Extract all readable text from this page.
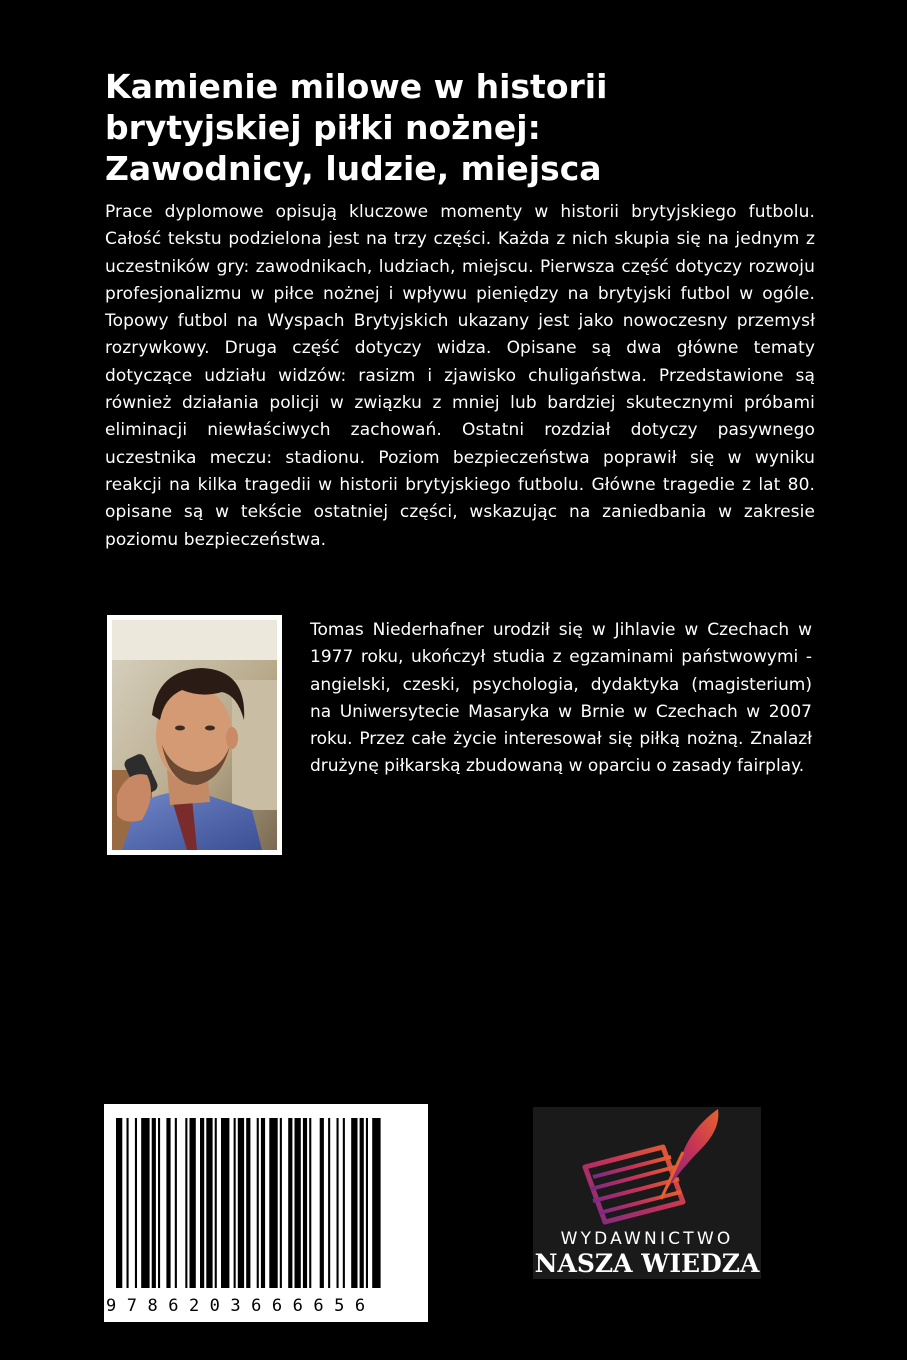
Kamienie milowe w historii
brytyjskiej piłki nożnej:
Zawodnicy, ludzie, miejsca

Prace dyplomowe opisują kluczowe momenty w historii brytyjskiego futbolu. Całość tekstu podzielona jest na trzy części. Każda z nich skupia się na jednym z uczestników gry: zawodnikach, ludziach, miejscu. Pierwsza część dotyczy rozwoju profesjonalizmu w piłce nożnej i wpływu pieniędzy na brytyjski futbol w ogóle. Topowy futbol na Wyspach Brytyjskich ukazany jest jako nowoczesny przemysł rozrywkowy. Druga część dotyczy widza. Opisane są dwa główne tematy dotyczące udziału widzów: rasizm i zjawisko chuligaństwa. Przedstawione są również działania policji w związku z mniej lub bardziej skutecznymi próbami eliminacji niewłaściwych zachowań. Ostatni rozdział dotyczy pasywnego uczestnika meczu: stadionu. Poziom bezpieczeństwa poprawił się w wyniku reakcji na kilka tragedii w historii brytyjskiego futbolu. Główne tragedie z lat 80. opisane są w tekście ostatniej części, wskazując na zaniedbania w zakresie poziomu bezpieczeństwa.

Tomas Niederhafner urodził się w Jihlavie w Czechach w 1977 roku, ukończył studia z egzaminami państwowymi - angielski, czeski, psychologia, dydaktyka (magisterium) na Uniwersytecie Masaryka w Brnie w Czechach w 2007 roku. Przez całe życie interesował się piłką nożną. Znalazł drużynę piłkarską zbudowaną w oparciu o zasady fairplay.

9786203666656

WYDAWNICTWO

NASZA WIEDZA
